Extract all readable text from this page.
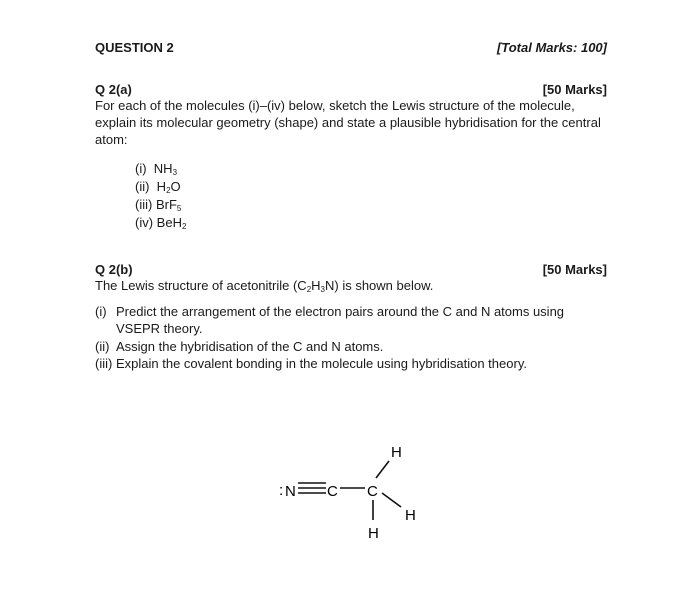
QUESTION 2	[Total Marks: 100]
Q 2(a)	[50 Marks]

For each of the molecules (i)–(iv) below, sketch the Lewis structure of the molecule, explain its molecular geometry (shape) and state a plausible hybridisation for the central atom:

(i) $NH_3$
(ii) $H_2O$
(iii) BrF$_5$
(iv) BeH$_2$
Q 2(b)	[50 Marks]

The Lewis structure of acetonitrile $(C_2H_3N)$ is shown below.

(i) Predict the arrangement of the electron pairs around the C and N atoms using VSEPR theory.
(ii) Assign the hybridisation of the C and N atoms.
(iii) Explain the covalent bonding in the molecule using hybridisation theory.
: N C C
H
H
H
